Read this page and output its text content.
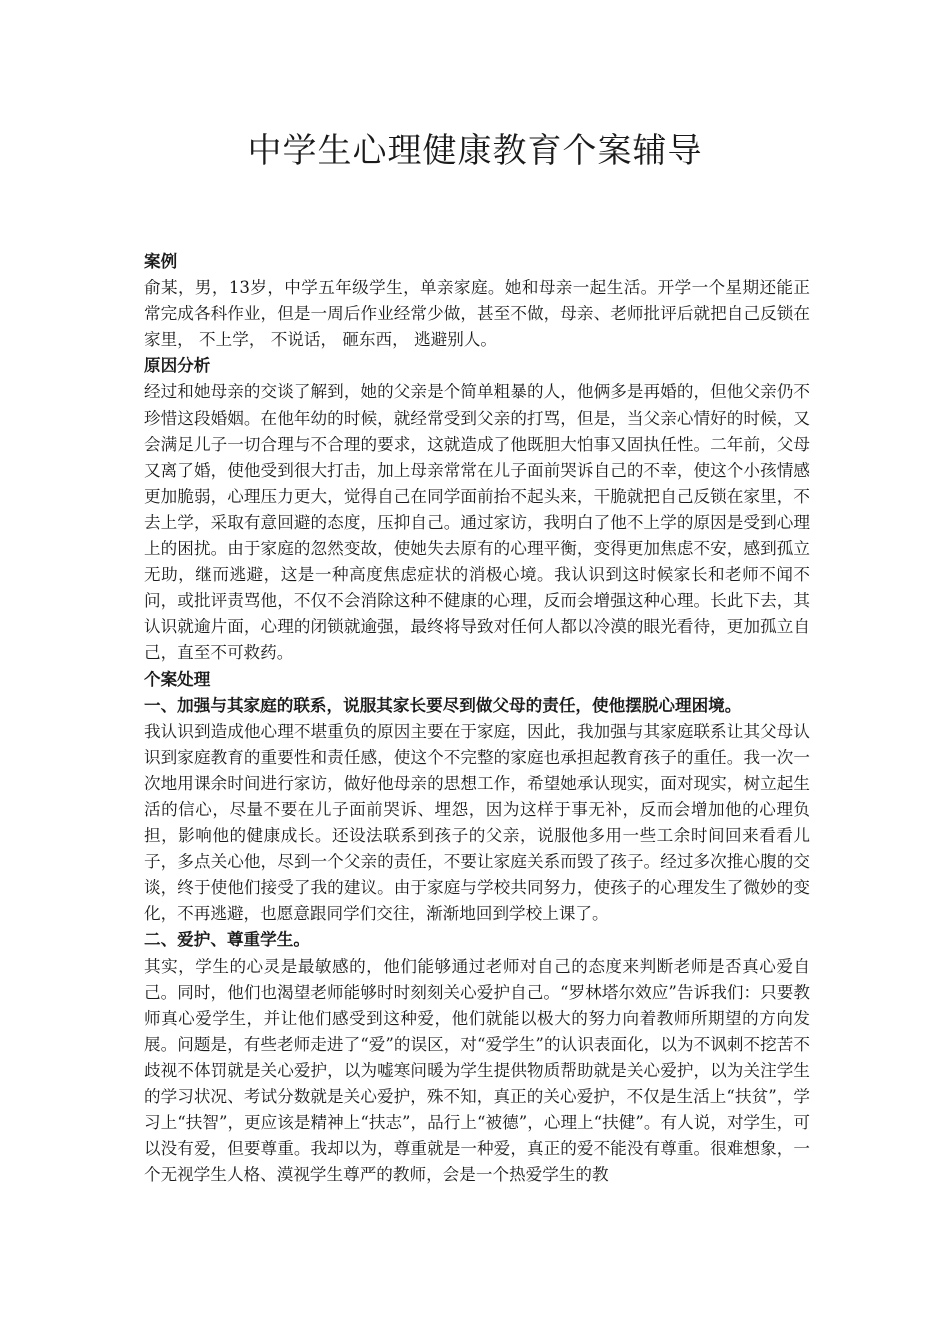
中学生心理健康教育个案辅导

案例

俞某，男，13岁，中学五年级学生，单亲家庭。她和母亲一起生活。开学一个星期还能正常完成各科作业，但是一周后作业经常少做，甚至不做，母亲、老师批评后就把自己反锁在家里， 不上学， 不说话， 砸东西， 逃避别人。

原因分析

经过和她母亲的交谈了解到，她的父亲是个简单粗暴的人，他俩多是再婚的，但他父亲仍不珍惜这段婚姻。在他年幼的时候，就经常受到父亲的打骂，但是，当父亲心情好的时候，又会满足儿子一切合理与不合理的要求，这就造成了他既胆大怕事又固执任性。二年前，父母又离了婚，使他受到很大打击，加上母亲常常在儿子面前哭诉自己的不幸，使这个小孩情感更加脆弱，心理压力更大，觉得自己在同学面前抬不起头来，干脆就把自己反锁在家里，不去上学，采取有意回避的态度，压抑自己。通过家访，我明白了他不上学的原因是受到心理上的困扰。由于家庭的忽然变故，使她失去原有的心理平衡，变得更加焦虑不安，感到孤立无助，继而逃避，这是一种高度焦虑症状的消极心境。我认识到这时候家长和老师不闻不问，或批评责骂他，不仅不会消除这种不健康的心理，反而会增强这种心理。长此下去，其认识就逾片面，心理的闭锁就逾强，最终将导致对任何人都以冷漠的眼光看待，更加孤立自己，直至不可救药。

个案处理

一、加强与其家庭的联系，说服其家长要尽到做父母的责任，使他摆脱心理困境。

我认识到造成他心理不堪重负的原因主要在于家庭，因此，我加强与其家庭联系让其父母认识到家庭教育的重要性和责任感，使这个不完整的家庭也承担起教育孩子的重任。我一次一次地用课余时间进行家访，做好他母亲的思想工作，希望她承认现实，面对现实，树立起生活的信心，尽量不要在儿子面前哭诉、埋怨，因为这样于事无补，反而会增加他的心理负担，影响他的健康成长。还设法联系到孩子的父亲，说服他多用一些工余时间回来看看儿子，多点关心他，尽到一个父亲的责任，不要让家庭关系而毁了孩子。经过多次推心腹的交谈，终于使他们接受了我的建议。由于家庭与学校共同努力，使孩子的心理发生了微妙的变化，不再逃避，也愿意跟同学们交往，渐渐地回到学校上课了。

二、爱护、尊重学生。

其实，学生的心灵是最敏感的，他们能够通过老师对自己的态度来判断老师是否真心爱自己。同时，他们也渴望老师能够时时刻刻关心爱护自己。“罗林塔尔效应”告诉我们：只要教师真心爱学生，并让他们感受到这种爱，他们就能以极大的努力向着教师所期望的方向发展。问题是，有些老师走进了“爱”的误区，对“爱学生”的认识表面化，以为不讽刺不挖苦不歧视不体罚就是关心爱护，以为嘘寒问暖为学生提供物质帮助就是关心爱护，以为关注学生的学习状况、考试分数就是关心爱护，殊不知，真正的关心爱护，不仅是生活上“扶贫”，学习上“扶智”，更应该是精神上“扶志”，品行上“被德”，心理上“扶健”。有人说，对学生，可以没有爱，但要尊重。我却以为，尊重就是一种爱，真正的爱不能没有尊重。很难想象，一个无视学生人格、漠视学生尊严的教师，会是一个热爱学生的教
